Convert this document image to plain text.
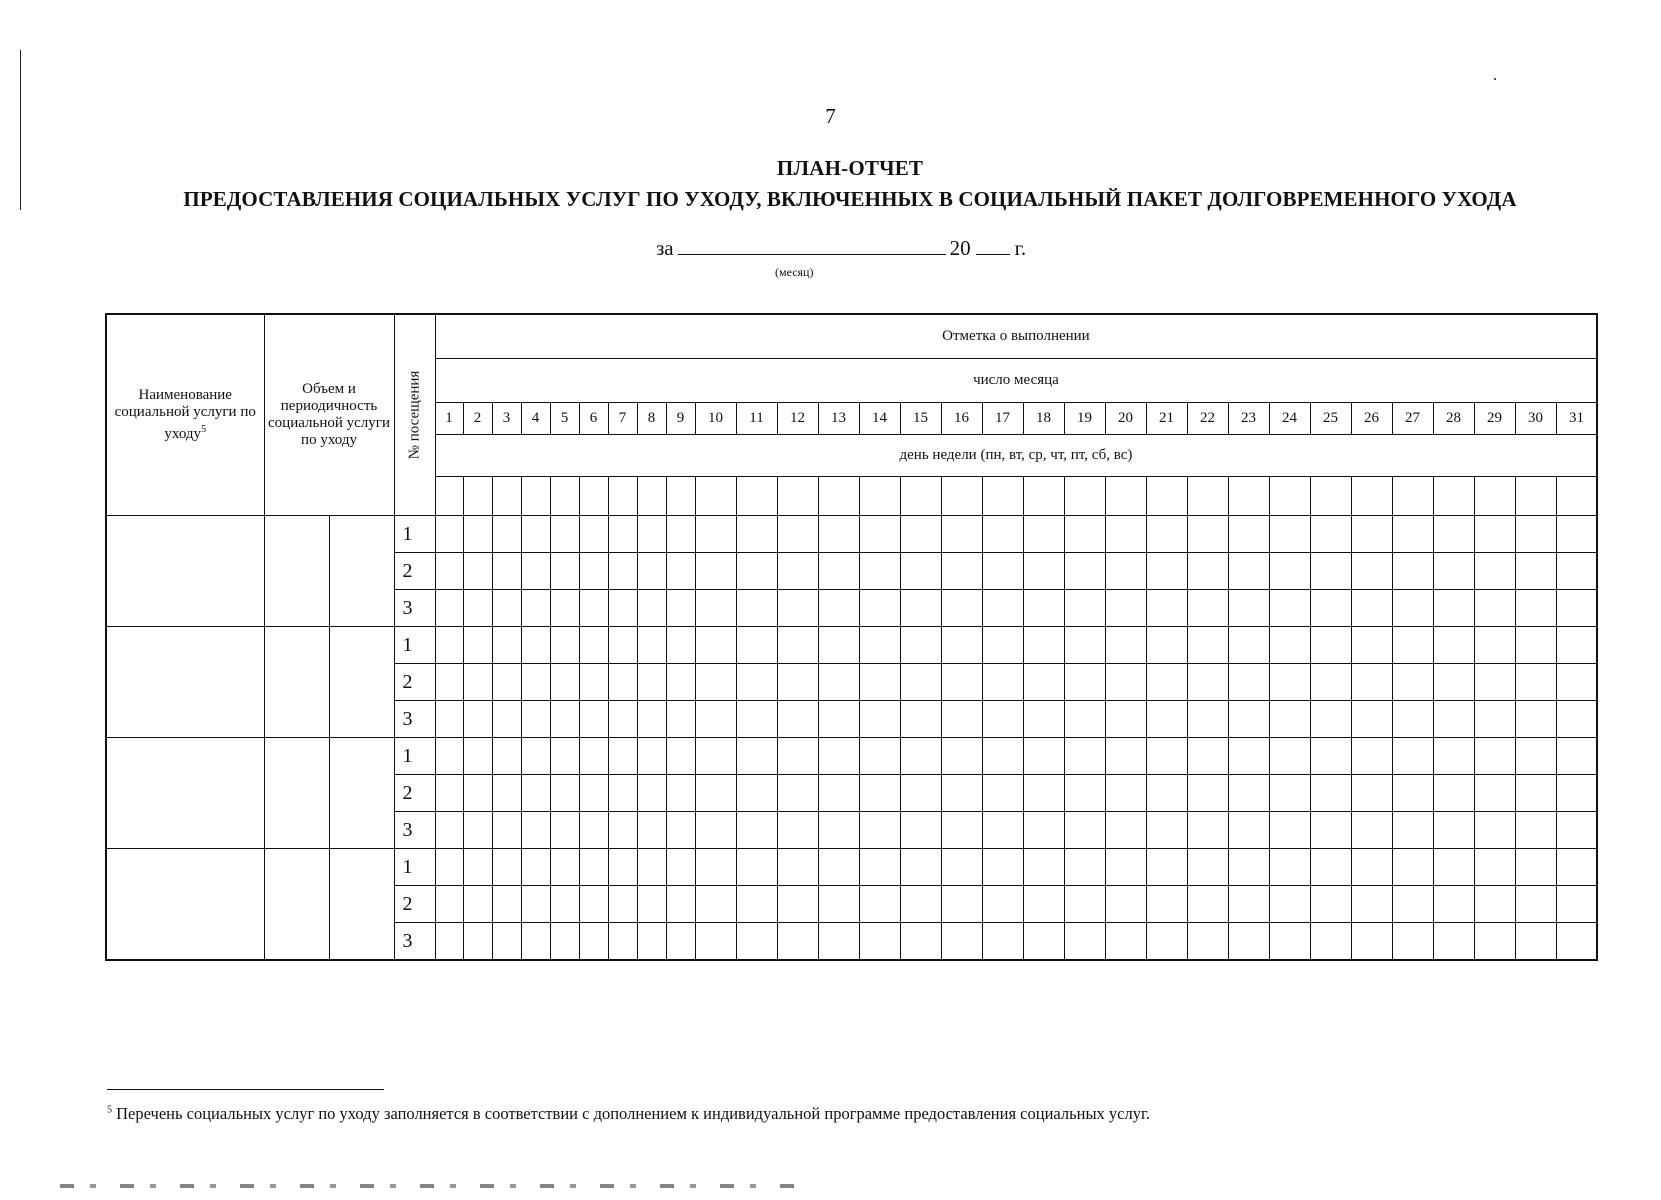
7
ПЛАН-ОТЧЕТ
ПРЕДОСТАВЛЕНИЯ СОЦИАЛЬНЫХ УСЛУГ ПО УХОДУ, ВКЛЮЧЕННЫХ В СОЦИАЛЬНЫЙ ПАКЕТ ДОЛГОВРЕМЕННОГО УХОДА
за	20 г.
(месяц)
Наименование социальной услуги по уходу$^5$	Объем и периодичность социальной услуги по уходу		№ посещения	Отметка о выполнении																														
				число месяца																														
				1	2	3	4	5	6	7	8	9	10	11	12	13	14	15	16	17	18	19	20	21	22	23	24	25	26	27	28	29	30	31
				день недели (пн, вт, ср, чт, пт, сб, вс)																														

			1																															
			2																															
			3																															
			1																															
			2																															
			3																															
			1																															
			2																															
			3																															
			1																															
			2																															
			3																															
$^5$ Перечень социальных услуг по уходу заполняется в соответствии с дополнением к индивидуальной программе предоставления социальных услуг.
